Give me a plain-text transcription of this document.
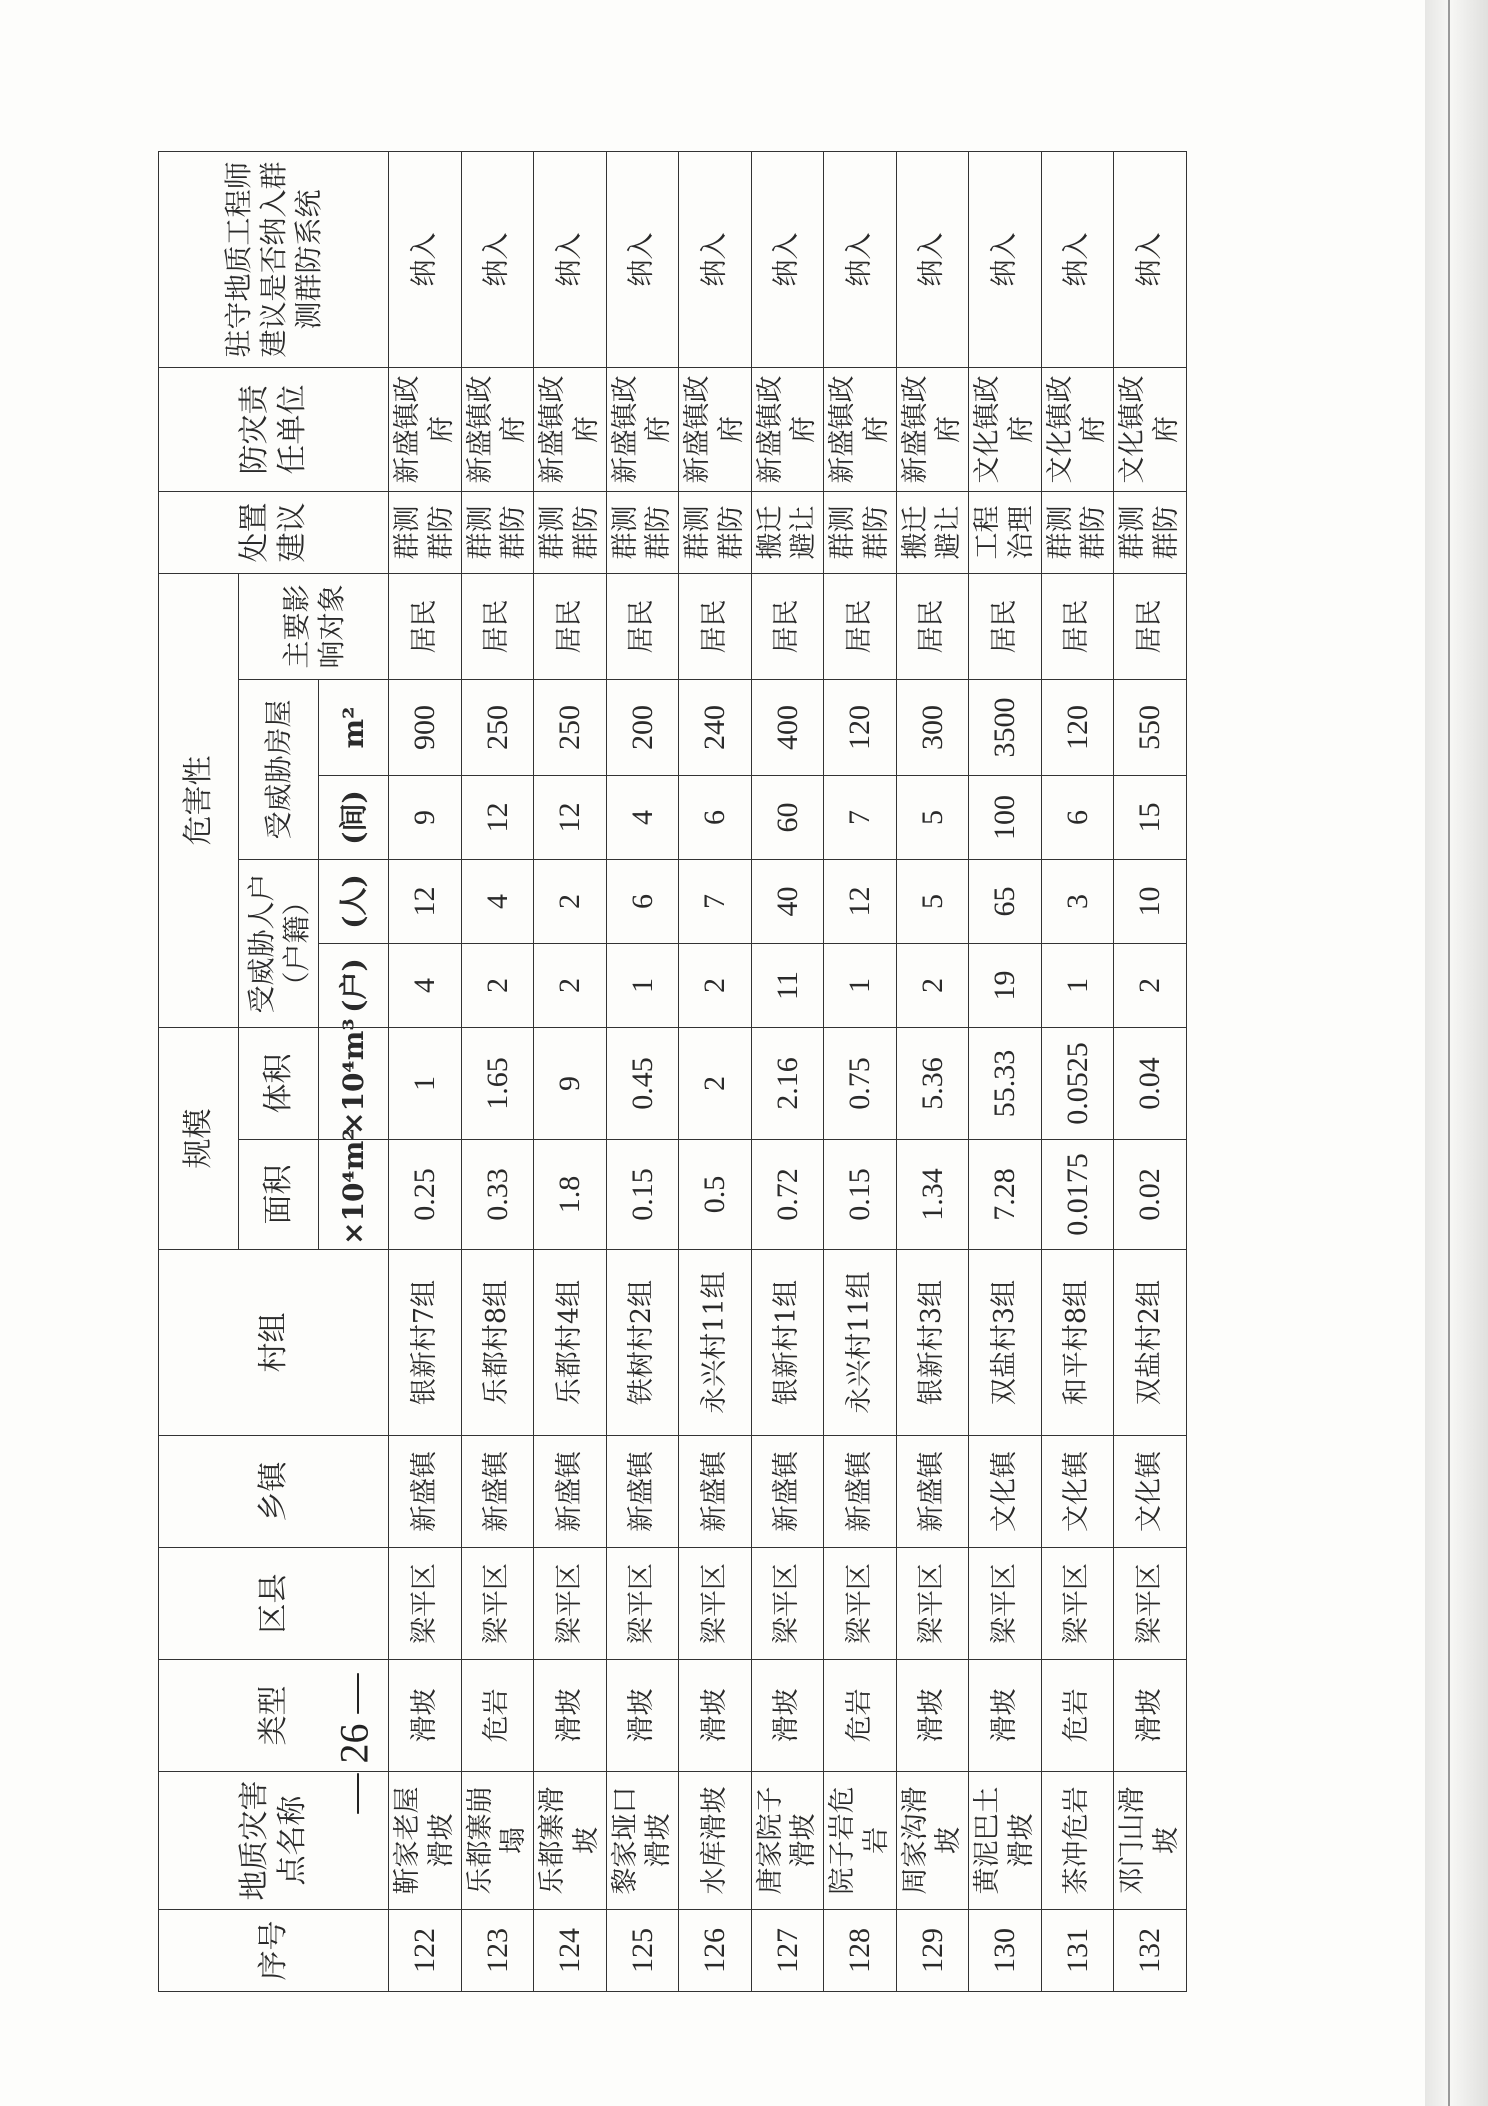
序号	地质灾害点名称	类型	区县	乡镇	村组	规模		危害性					处置建议	防灾责任单位	驻守地质工程师建议是否纳入群测群防系统
						面积	体积	受威胁人户（户籍）		受威胁房屋		主要影响对象			
						×10⁴m²	×10⁴m³	(户)	(人)	(间)	m²				
122	靳家老屋滑坡	滑坡	梁平区	新盛镇	银新村7组	0.25	1	4	12	9	900	居民	群测群防	新盛镇政府	纳入
123	乐都寨崩塌	危岩	梁平区	新盛镇	乐都村8组	0.33	1.65	2	4	12	250	居民	群测群防	新盛镇政府	纳入
124	乐都寨滑坡	滑坡	梁平区	新盛镇	乐都村4组	1.8	9	2	2	12	250	居民	群测群防	新盛镇政府	纳入
125	黎家垭口滑坡	滑坡	梁平区	新盛镇	铁树村2组	0.15	0.45	1	6	4	200	居民	群测群防	新盛镇政府	纳入
126	水库滑坡	滑坡	梁平区	新盛镇	永兴村11组	0.5	2	2	7	6	240	居民	群测群防	新盛镇政府	纳入
127	唐家院子滑坡	滑坡	梁平区	新盛镇	银新村1组	0.72	2.16	11	40	60	400	居民	搬迁避让	新盛镇政府	纳入
128	院子岩危岩	危岩	梁平区	新盛镇	永兴村11组	0.15	0.75	1	12	7	120	居民	群测群防	新盛镇政府	纳入
129	周家沟滑坡	滑坡	梁平区	新盛镇	银新村3组	1.34	5.36	2	5	5	300	居民	搬迁避让	新盛镇政府	纳入
130	黄泥巴土滑坡	滑坡	梁平区	文化镇	双盐村3组	7.28	55.33	19	65	100	3500	居民	工程治理	文化镇政府	纳入
131	茶冲危岩	危岩	梁平区	文化镇	和平村8组	0.0175	0.0525	1	3	6	120	居民	群测群防	文化镇政府	纳入
132	邓门山滑坡	滑坡	梁平区	文化镇	双盐村2组	0.02	0.04	2	10	15	550	居民	群测群防	文化镇政府	纳入
— 26 —
